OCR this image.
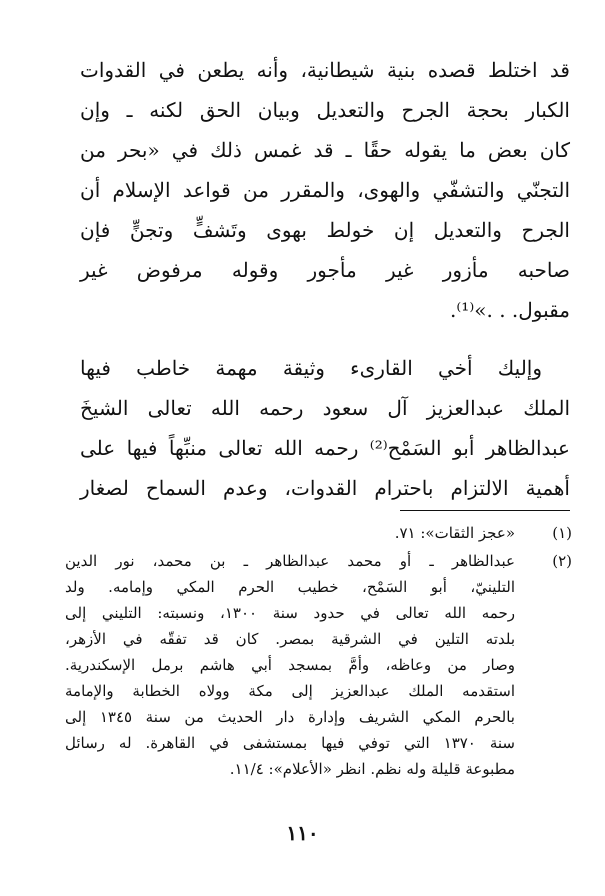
قد اختلط قصده بنية شيطانية، وأنه يطعن في القدوات
الكبار بحجة الجرح والتعديل وبيان الحق لكنه ـ وإن
كان بعض ما يقوله حقًا ـ قد غمس ذلك في «بحر من
التجنّي والتشفّي والهوى، والمقرر من قواعد الإسلام أن
الجرح والتعديل إن خولط بهوى وتَشفٍّ وتجنٍّ فإن
صاحبه مأزور غير مأجور وقوله مرفوض غير
مقبول. . .»⁽¹⁾.
وإليك أخي القارىء وثيقة مهمة خاطب فيها
الملك عبدالعزيز آل سعود رحمه الله تعالى الشيخَ
عبدالظاهر أبو السَمْح⁽²⁾ رحمه الله تعالى منبِّهاً فيها على
أهمية الالتزام باحترام القدوات، وعدم السماح لصغار
(١)
«عجز الثقات»: ٧١.
(٢)
عبدالظاهر ـ أو محمد عبدالظاهر ـ بن محمد، نور الدين
التلينيّ، أبو السَمْح، خطيب الحرم المكي وإمامه. ولد
رحمه الله تعالى في حدود سنة ١٣٠٠، ونسبته: التليني إلى
بلدته التلين في الشرقية بمصر. كان قد تفقّه في الأزهر،
وصار من وعاظه، وأمَّ بمسجد أبي هاشم برمل الإسكندرية.
استقدمه الملك عبدالعزيز إلى مكة وولاه الخطابة والإمامة
بالحرم المكي الشريف وإدارة دار الحديث من سنة ١٣٤٥ إلى
سنة ١٣٧٠ التي توفي فيها بمستشفى في القاهرة. له رسائل
مطبوعة قليلة وله نظم. انظر «الأعلام»: ١١/٤.
١١٠
